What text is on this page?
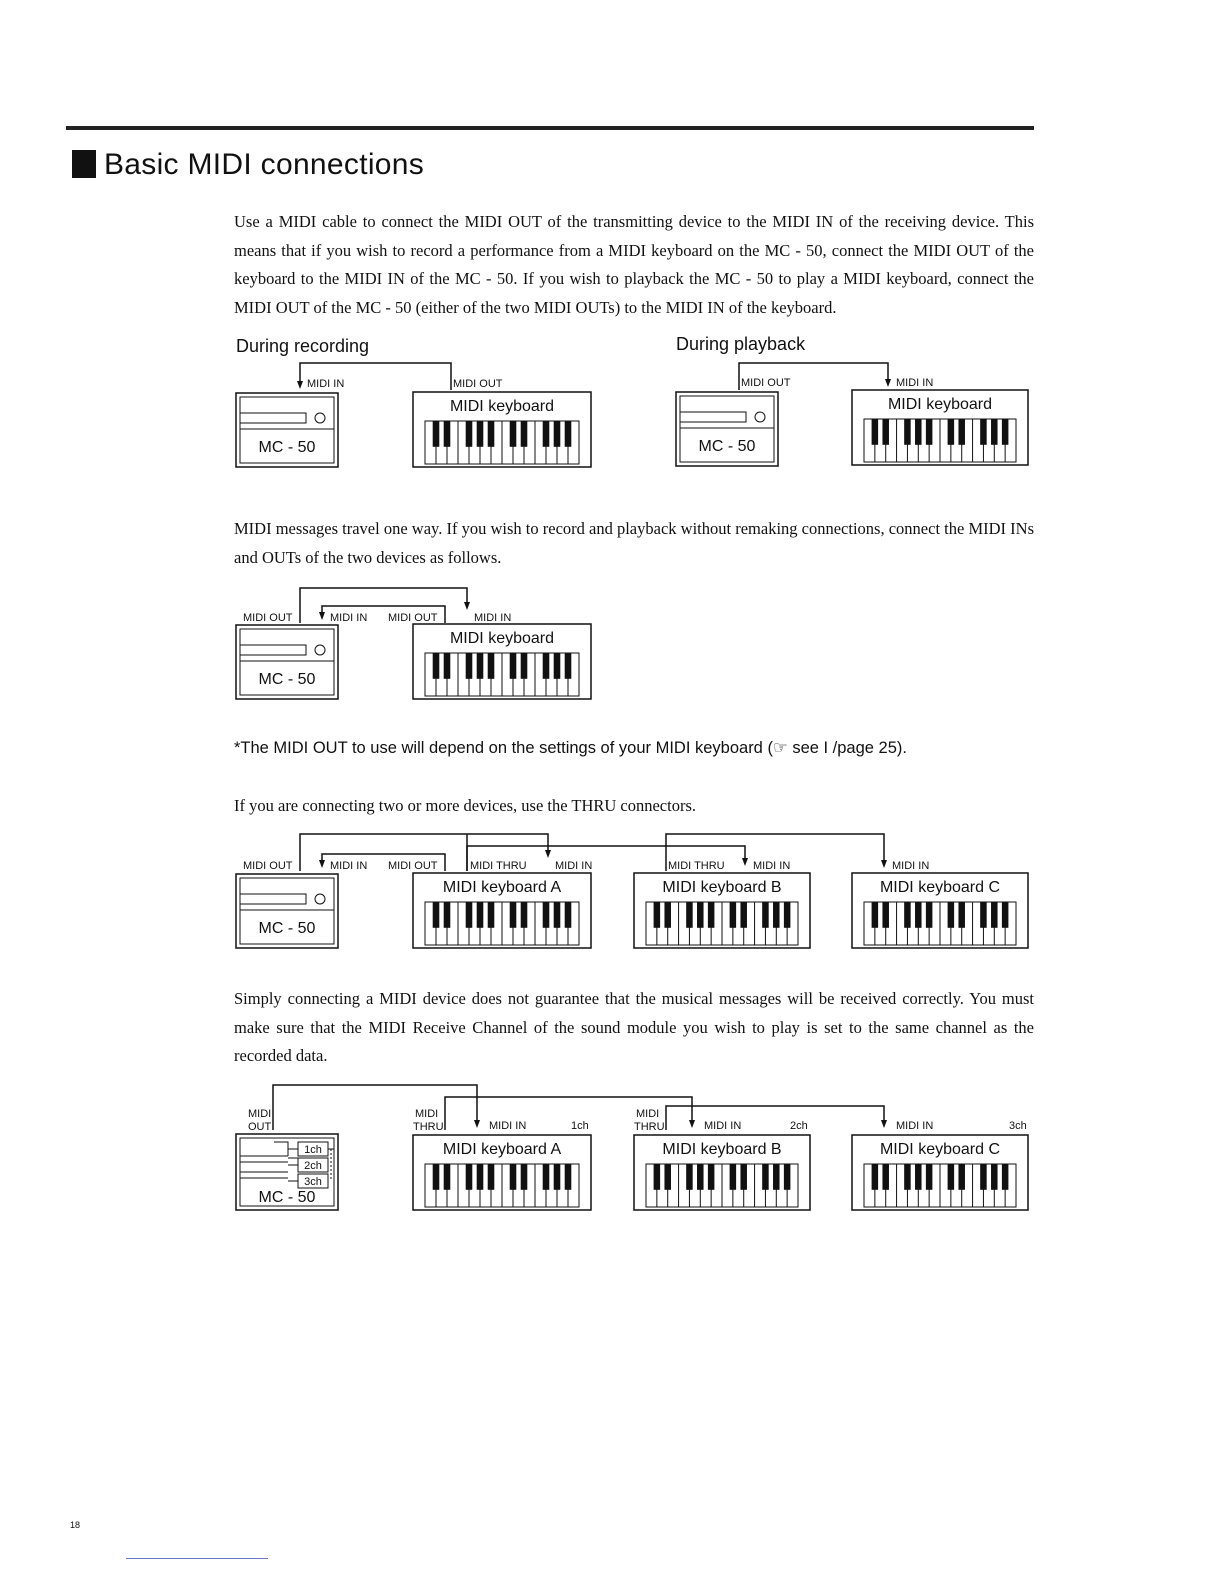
Basic MIDI connections
Use a MIDI cable to connect the MIDI OUT of the transmitting device to the MIDI IN of the receiving device. This means that if you wish to record a performance from a MIDI keyboard on the MC - 50, connect the MIDI OUT of the keyboard to the MIDI IN of the MC - 50. If you wish to playback the MC - 50 to play a MIDI keyboard, connect the MIDI OUT of the MC - 50 (either of the two MIDI OUTs) to the MIDI IN of the keyboard.
During recording	During playback
MIDI IN	MIDI OUT
MC - 50
MIDI keyboard
MIDI OUT	MIDI IN
MC - 50
MIDI keyboard
MIDI messages travel one way. If you wish to record and playback without remaking connections, connect the MIDI INs and OUTs of the two devices as follows.
MIDI OUT	MIDI IN MIDI OUT	MIDI IN
MC - 50
MIDI keyboard
*The MIDI OUT to use will depend on the settings of your MIDI keyboard (☞ see I /page 25).
If you are connecting two or more devices, use the THRU connectors.
MIDI OUT	MIDI IN MIDI OUT	MIDI THRU	MIDI IN	MIDI THRU	MIDI IN	MIDI IN
MC - 50
MIDI keyboard A	MIDI keyboard B	MIDI keyboard C
Simply connecting a MIDI device does not guarantee that the musical messages will be received correctly. You must make sure that the MIDI Receive Channel of the sound module you wish to play is set to the same channel as the recorded data.
MIDI
OUT
MIDI
THRU	MIDI IN	1ch
MIDI
THRU	MIDI IN	2ch	MIDI IN	3ch
1ch
2ch
3ch
MC - 50
MIDI keyboard A	MIDI keyboard B	MIDI keyboard C
18
